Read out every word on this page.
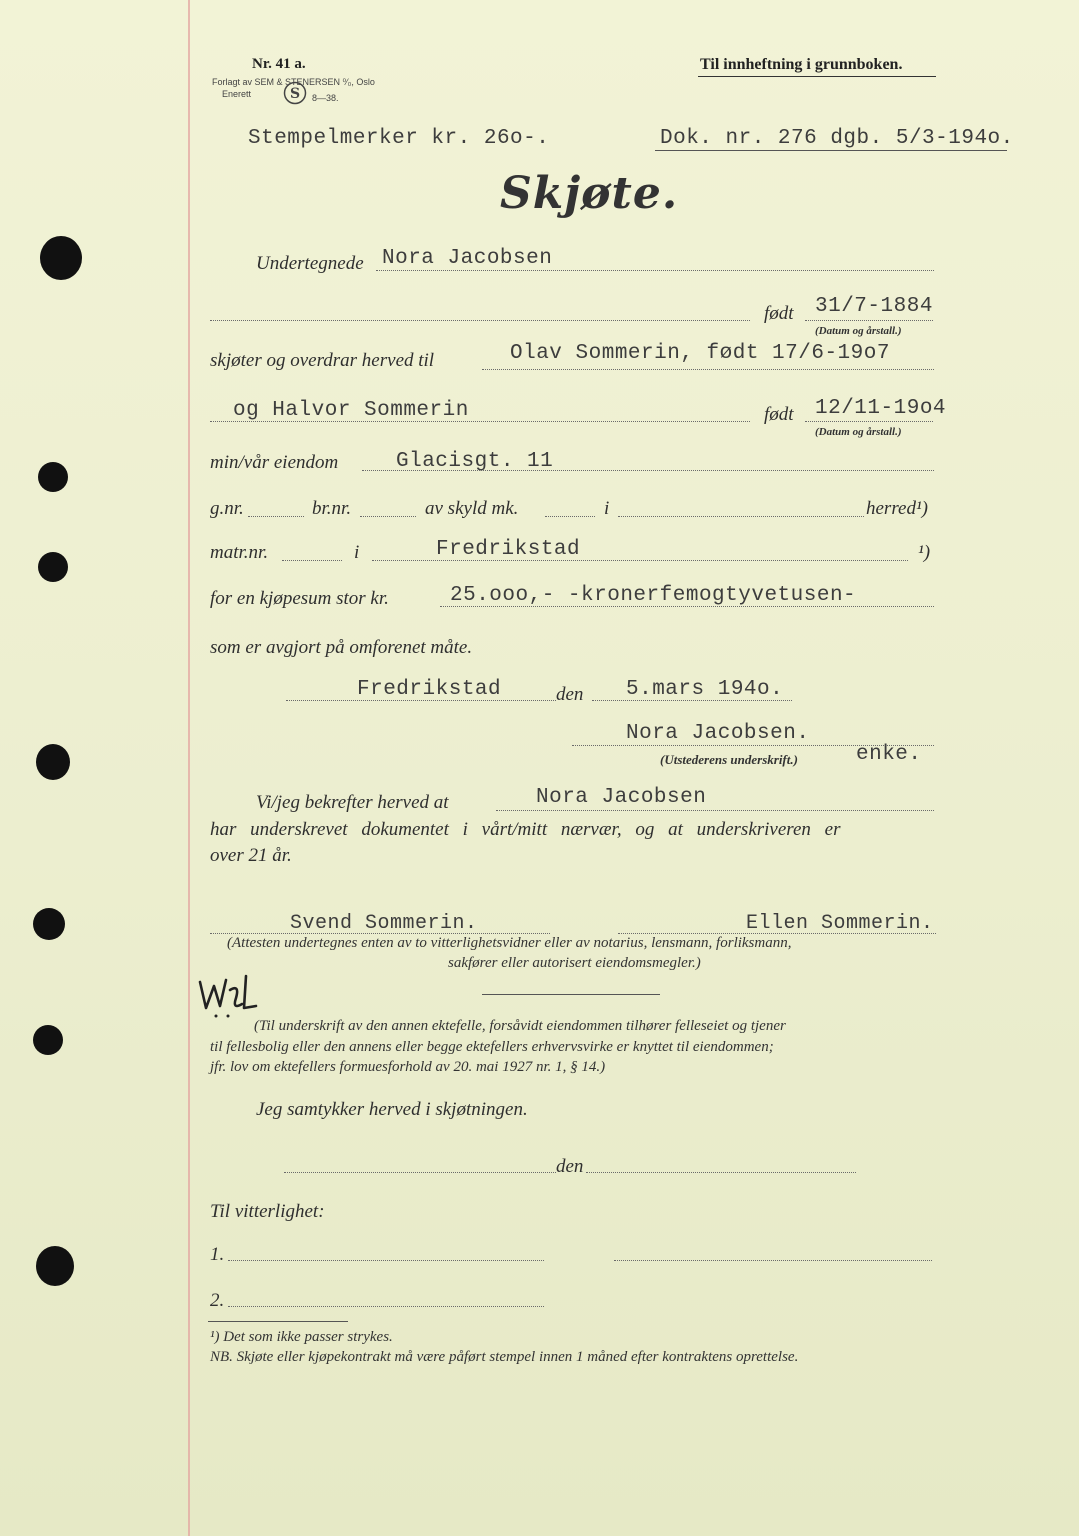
Nr. 41 a.
Forlagt av SEM & STENERSEN ⁰⁄₀, Oslo
Enerett	S 8—38.
Til innheftning i grunnboken.
Stempelmerker kr. 26o-.	Dok. nr. 276 dgb. 5/3-194o.
Skjøte.
Undertegnede Nora Jacobsen
født 31/7-1884
(Datum og årstall.)
skjøter og overdrar herved til	Olav Sommerin, født 17/6-19o7
og Halvor Sommerin	født 12/11-19o4
(Datum og årstall.)
min/vår eiendom	Glacisgt. 11
g.nr.	br.nr.	av skyld mk.	i	herred¹)
matr.nr.	i	Fredrikstad	¹)
for en kjøpesum stor kr.	25.ooo,- -kronerfemogtyvetusen-
som er avgjort på omforenet måte.
Fredrikstad	den 5.mars 194o.
Nora Jacobsen.
(Utstederens underskrift.)	enke.
Vi/jeg bekrefter herved at	Nora Jacobsen
har underskrevet dokumentet i vårt/mitt nærvær, og at underskriveren er
over 21 år.
Svend Sommerin.	Ellen Sommerin.
(Attesten undertegnes enten av to vitterlighetsvidner eller av notarius, lensmann, forliksmann,
sakfører eller autorisert eiendomsmegler.)
(Til underskrift av den annen ektefelle, forsåvidt eiendommen tilhører felleseiet og tjener
til fellesbolig eller den annens eller begge ektefellers erhvervsvirke er knyttet til eiendommen;
jfr. lov om ektefellers formuesforhold av 20. mai 1927 nr. 1, § 14.)
Jeg samtykker herved i skjøtningen.
den
Til vitterlighet:
1.
2.
¹) Det som ikke passer strykes.
NB. Skjøte eller kjøpekontrakt må være påført stempel innen 1 måned efter kontraktens oprettelse.
